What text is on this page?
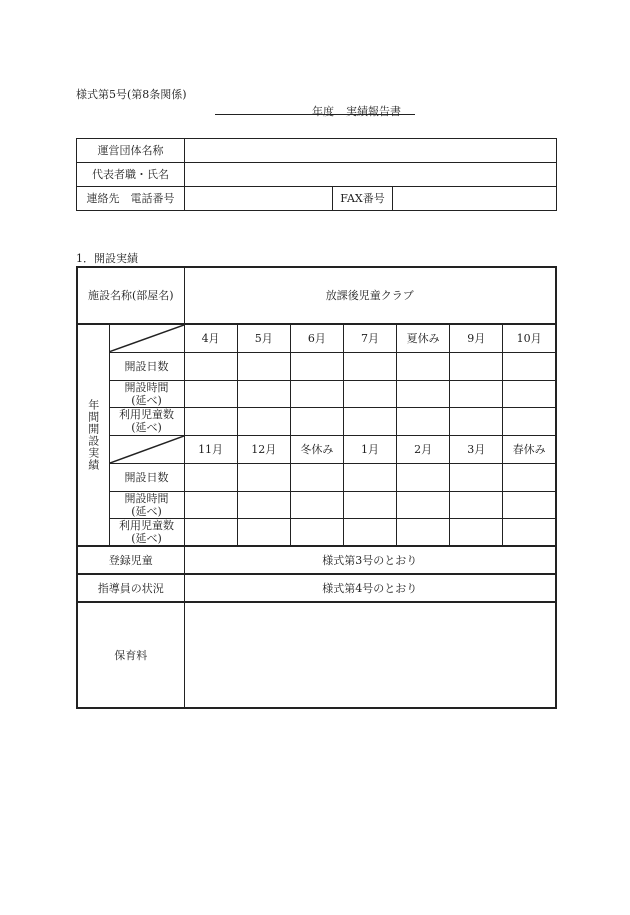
様式第5号(第8条関係)
年度 実績報告書
運営団体名称			
代表者職・氏名			
連絡先　電話番号		FAX番号	
1．開設実績
施設名称(部屋名)		放課後児童クラブ						

年間開設実績		4月	5月	6月	7月	夏休み	9月	10月
	開設日数							

	開設時間
(延べ)							

	利用児童数
(延べ)							

	11月	12月	冬休み	1月	2月	3月	春休み
	開設日数							

	開設時間
(延べ)							

	利用児童数
(延べ)							

登録児童		様式第3号のとおり						
指導員の状況		様式第4号のとおり						
保育料								
